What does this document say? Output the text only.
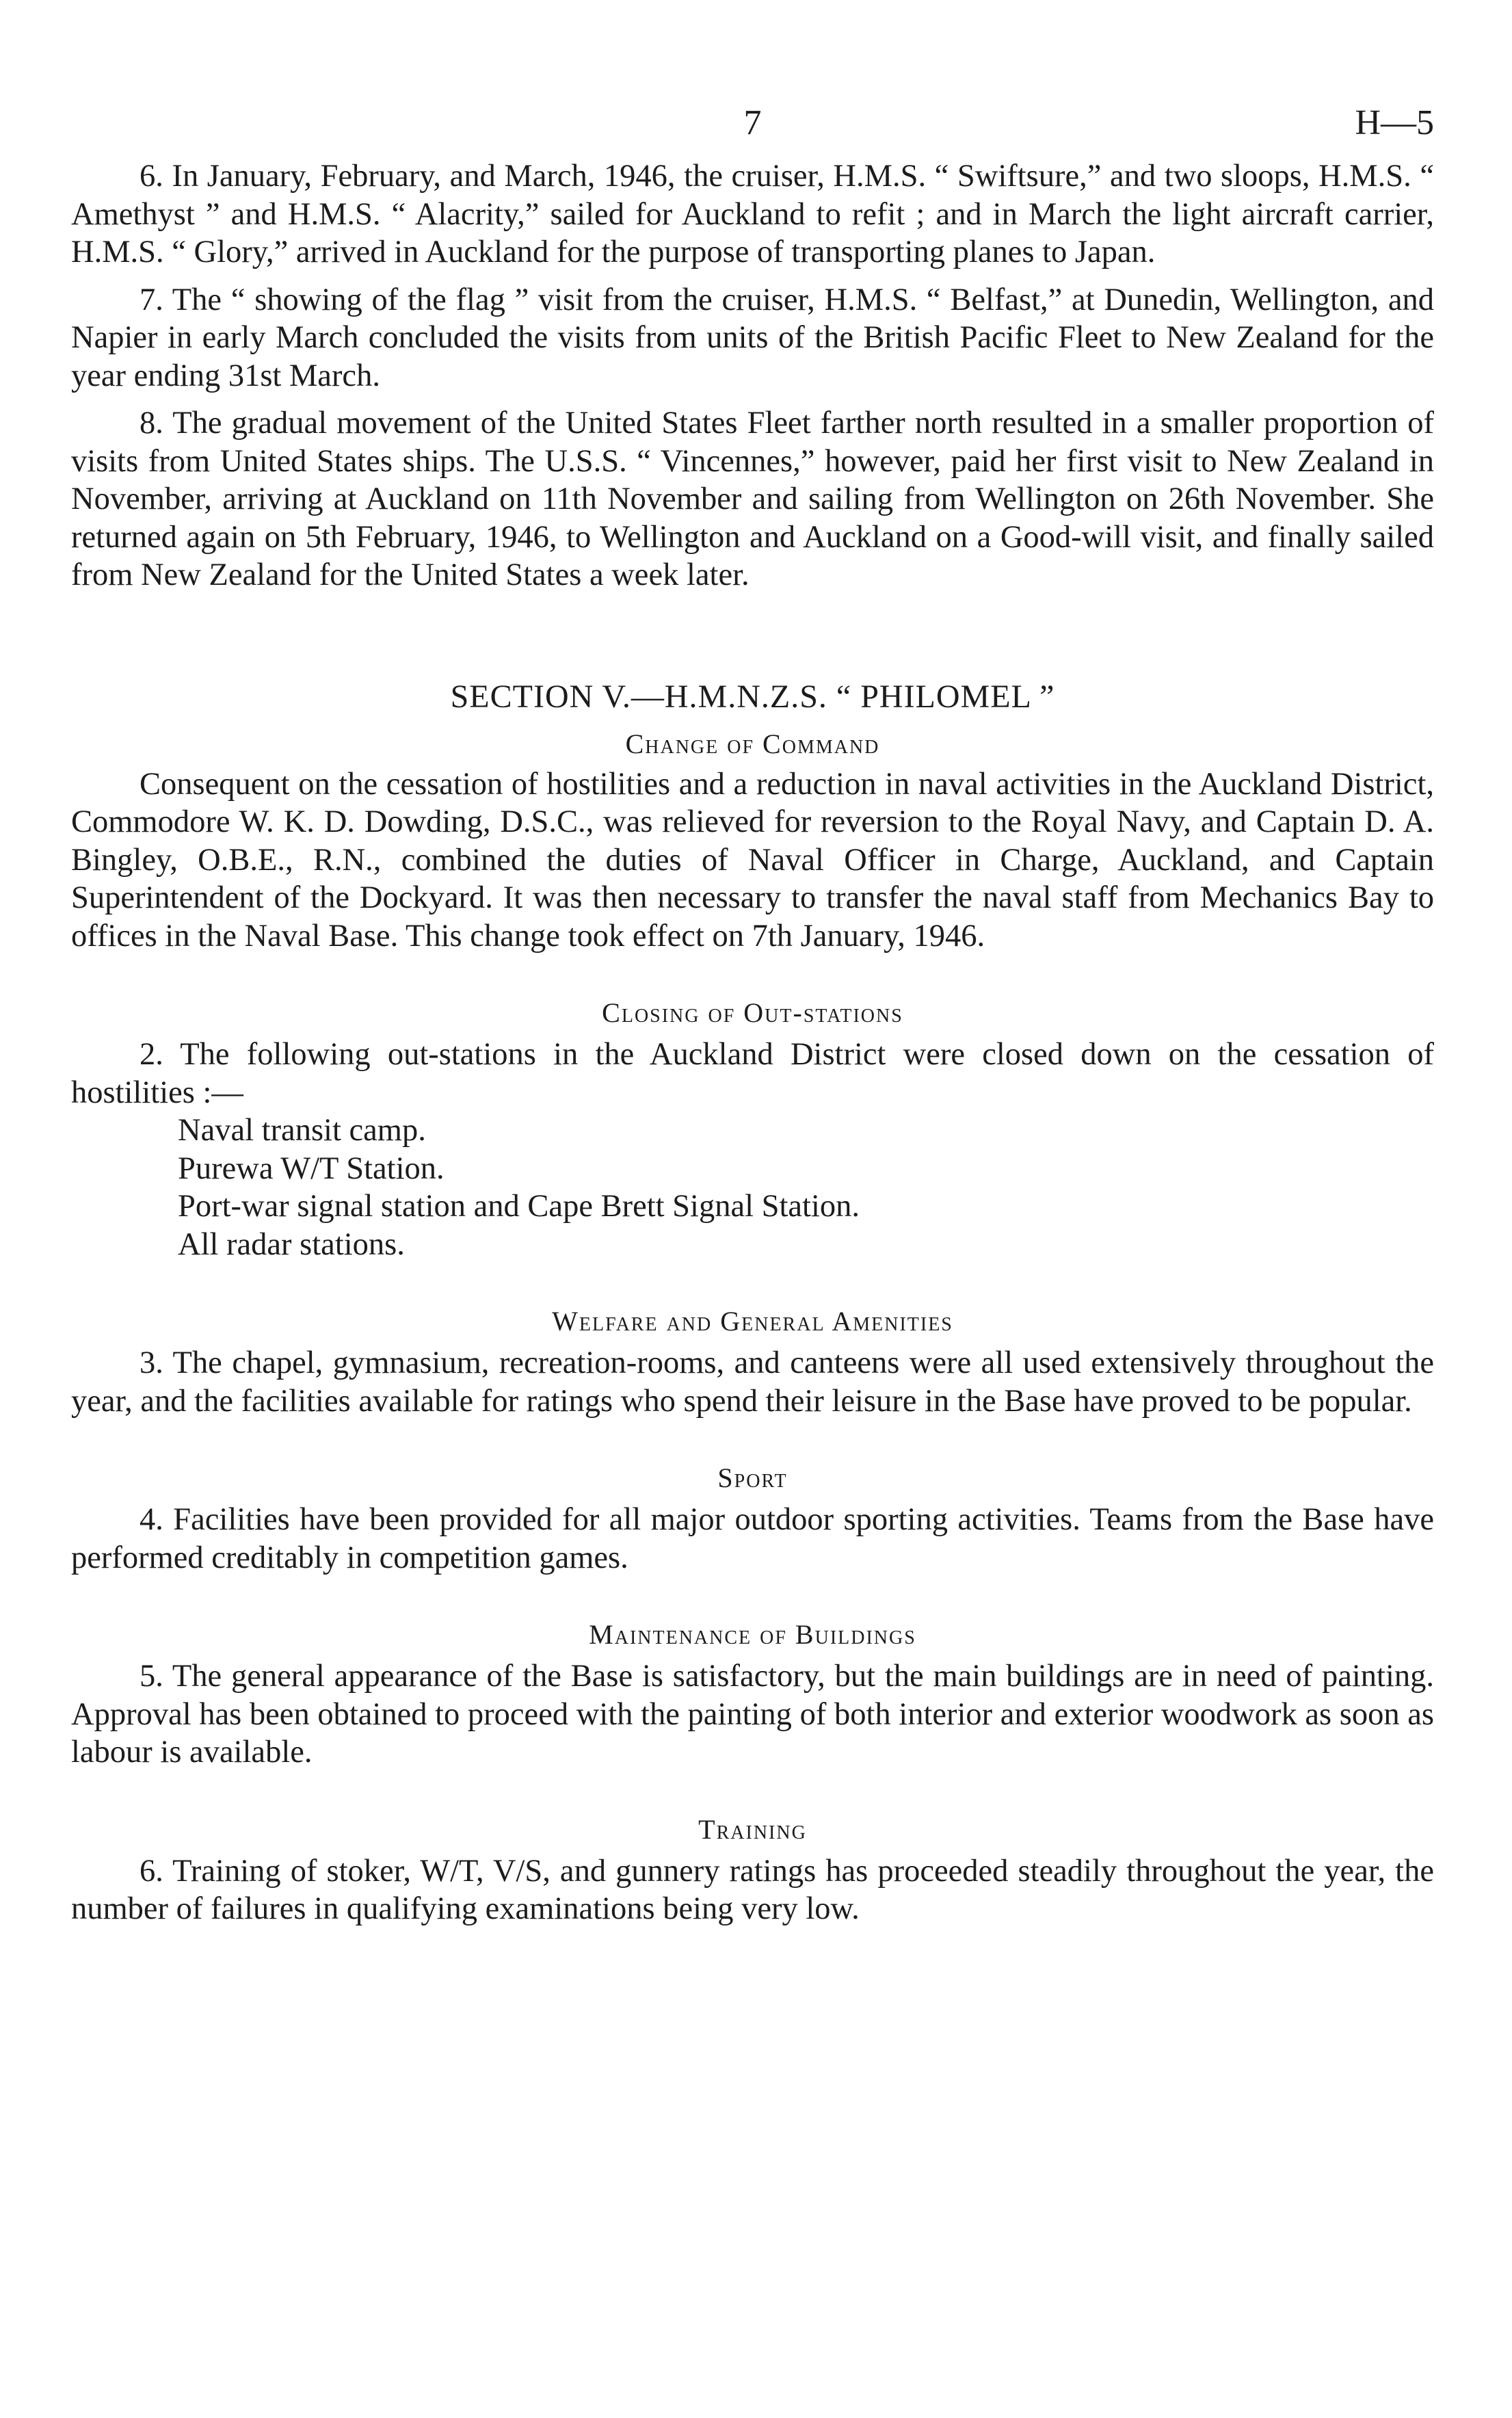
7	H—5

6. In January, February, and March, 1946, the cruiser, H.M.S. “ Swiftsure,” and two sloops, H.M.S. “ Amethyst ” and H.M.S. “ Alacrity,” sailed for Auckland to refit ; and in March the light aircraft carrier, H.M.S. “ Glory,” arrived in Auckland for the purpose of transporting planes to Japan.

7. The “ showing of the flag ” visit from the cruiser, H.M.S. “ Belfast,” at Dunedin, Wellington, and Napier in early March concluded the visits from units of the British Pacific Fleet to New Zealand for the year ending 31st March.

8. The gradual movement of the United States Fleet farther north resulted in a smaller proportion of visits from United States ships. The U.S.S. “ Vincennes,” however, paid her first visit to New Zealand in November, arriving at Auckland on 11th November and sailing from Wellington on 26th November. She returned again on 5th February, 1946, to Wellington and Auckland on a Good-will visit, and finally sailed from New Zealand for the United States a week later.

SECTION V.—H.M.N.Z.S. “ PHILOMEL ”
Change of Command

Consequent on the cessation of hostilities and a reduction in naval activities in the Auckland District, Commodore W. K. D. Dowding, D.S.C., was relieved for reversion to the Royal Navy, and Captain D. A. Bingley, O.B.E., R.N., combined the duties of Naval Officer in Charge, Auckland, and Captain Superintendent of the Dockyard. It was then necessary to transfer the naval staff from Mechanics Bay to offices in the Naval Base. This change took effect on 7th January, 1946.

Closing of Out-stations

2. The following out-stations in the Auckland District were closed down on the cessation of hostilities :—

Naval transit camp.
Purewa W/T Station.
Port-war signal station and Cape Brett Signal Station.
All radar stations.
Welfare and General Amenities

3. The chapel, gymnasium, recreation-rooms, and canteens were all used extensively throughout the year, and the facilities available for ratings who spend their leisure in the Base have proved to be popular.

Sport

4. Facilities have been provided for all major outdoor sporting activities. Teams from the Base have performed creditably in competition games.

Maintenance of Buildings

5. The general appearance of the Base is satisfactory, but the main buildings are in need of painting. Approval has been obtained to proceed with the painting of both interior and exterior woodwork as soon as labour is available.

Training

6. Training of stoker, W/T, V/S, and gunnery ratings has proceeded steadily throughout the year, the number of failures in qualifying examinations being very low.
